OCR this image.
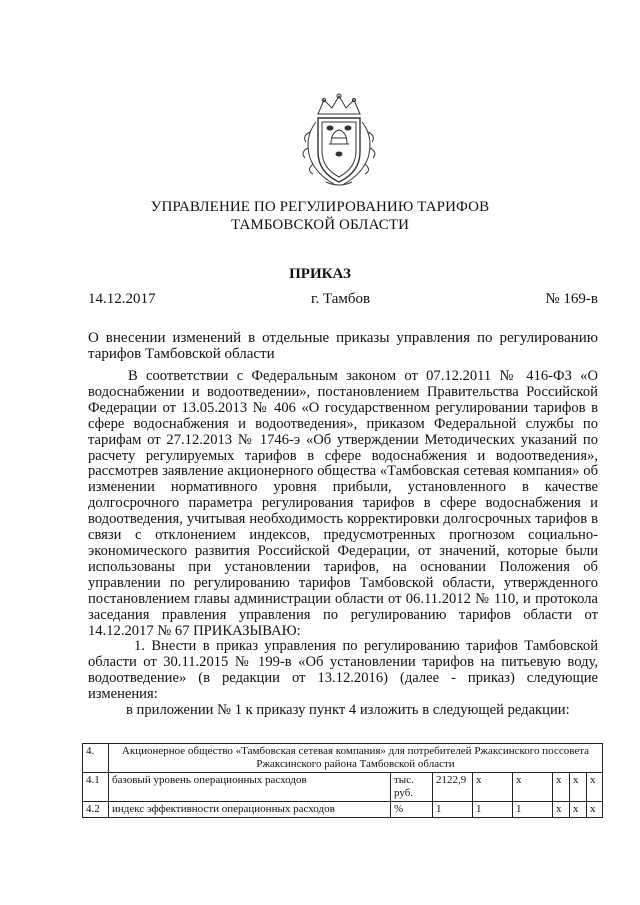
УПРАВЛЕНИЕ ПО РЕГУЛИРОВАНИЮ ТАРИФОВ
ТАМБОВСКОЙ ОБЛАСТИ
ПРИКАЗ
14.12.2017	г. Тамбов	№ 169-в
О внесении изменений в отдельные приказы управления по регулированию тарифов Тамбовской области

В соответствии с Федеральным законом от 07.12.2011 № 416-ФЗ «О водоснабжении и водоотведении», постановлением Правительства Российской Федерации от 13.05.2013 № 406 «О государственном регулировании тарифов в сфере водоснабжения и водоотведения», приказом Федеральной службы по тарифам от 27.12.2013 № 1746-э «Об утверждении Методических указаний по расчету регулируемых тарифов в сфере водоснабжения и водоотведения», рассмотрев заявление акционерного общества «Тамбовская сетевая компания» об изменении нормативного уровня прибыли, установленного в качестве долгосрочного параметра регулирования тарифов в сфере водоснабжения и водоотведения, учитывая необходимость корректировки долгосрочных тарифов в связи с отклонением индексов, предусмотренных прогнозом социально-экономического развития Российской Федерации, от значений, которые были использованы при установлении тарифов, на основании Положения об управлении по регулированию тарифов Тамбовской области, утвержденного постановлением главы администрации области от 06.11.2012 № 110, и протокола заседания правления управления по регулированию тарифов области от 14.12.2017 № 67 ПРИКАЗЫВАЮ:

1. Внести в приказ управления по регулированию тарифов Тамбовской области от 30.11.2015 № 199-в «Об установлении тарифов на питьевую воду, водоотведение» (в редакции от 13.12.2016) (далее - приказ) следующие изменения:

в приложении № 1 к приказу пункт 4 изложить в следующей редакции:

4.	Акционерное общество «Тамбовская сетевая компания» для потребителей Ржаксинского поссовета Ржаксинского района Тамбовской области							
4.1	базовый уровень операционных расходов	тыс. руб.	2122,9	x	x	x	x	x
4.2	индекс эффективности операционных расходов	%	1	1	1	x	x	x
